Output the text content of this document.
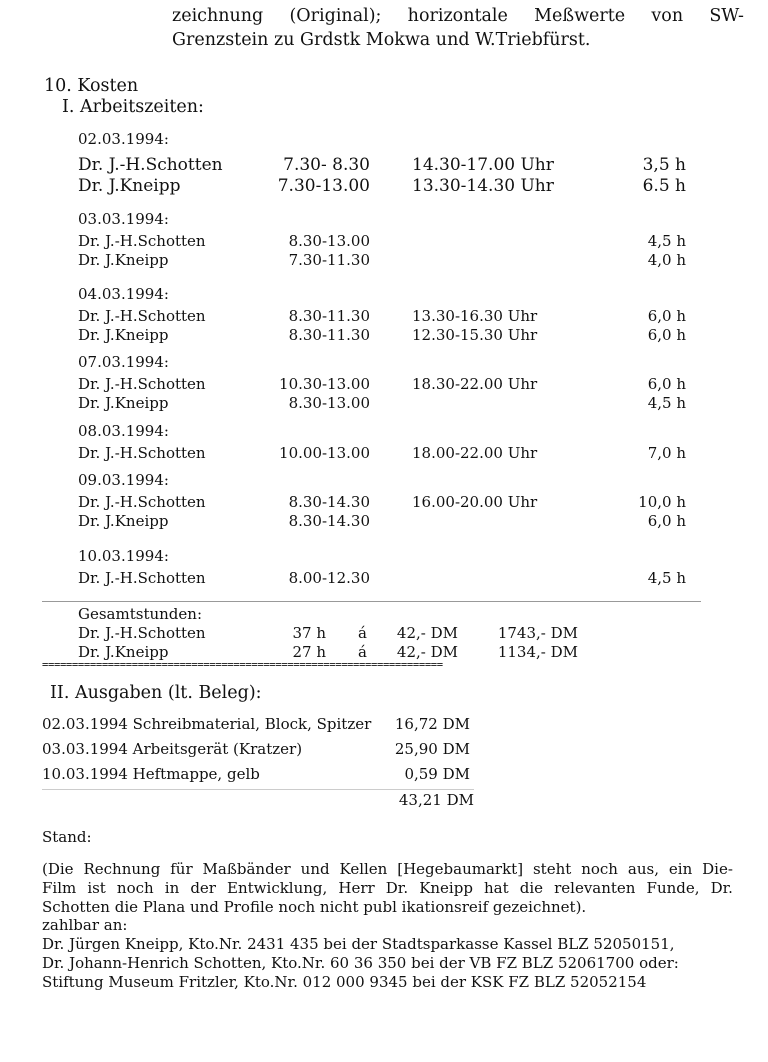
zeichnung (Original); horizontale Meßwerte von SW-
Grenzstein zu Grdstk Mokwa und W.Triebfürst.
10. Kosten
I. Arbeitszeiten:
02.03.1994:
Dr. J.-H.Schotten	7.30- 8.30 14.30-17.00 Uhr	3,5 h
Dr. J.Kneipp	7.30-13.00 13.30-14.30 Uhr	6.5 h
03.03.1994:
Dr. J.-H.Schotten	8.30-13.00	4,5 h
Dr. J.Kneipp	7.30-11.30	4,0 h
04.03.1994:
Dr. J.-H.Schotten	8.30-11.30	13.30-16.30 Uhr	6,0 h
Dr. J.Kneipp	8.30-11.30	12.30-15.30 Uhr	6,0 h
07.03.1994:
Dr. J.-H.Schotten	10.30-13.00	18.30-22.00 Uhr	6,0 h
Dr. J.Kneipp	8.30-13.00	4,5 h
08.03.1994:
Dr. J.-H.Schotten	10.00-13.00	18.00-22.00 Uhr	7,0 h
09.03.1994:
Dr. J.-H.Schotten	8.30-14.30	16.00-20.00 Uhr	10,0 h
Dr. J.Kneipp	8.30-14.30	6,0 h
10.03.1994:
Dr. J.-H.Schotten	8.00-12.30	4,5 h
Gesamtstunden:
Dr. J.-H.Schotten	37 h á 42,- DM	1743,- DM
Dr. J.Kneipp	27 h á 42,- DM	1134,- DM
===================================================================
II. Ausgaben (lt. Beleg):
02.03.1994 Schreibmaterial, Block, Spitzer 16,72 DM
03.03.1994 Arbeitsgerät (Kratzer)	25,90 DM
10.03.1994 Heftmappe, gelb	0,59 DM
43,21 DM
Stand:
(Die Rechnung für Maßbänder und Kellen [Hegebaumarkt] steht noch aus, ein Die-
Film ist noch in der Entwicklung, Herr Dr. Kneipp hat die relevanten Funde, Dr.
Schotten die Plana und Profile noch nicht publ ikationsreif gezeichnet).
zahlbar an:
Dr. Jürgen Kneipp, Kto.Nr. 2431 435 bei der Stadtsparkasse Kassel BLZ 52050151,
Dr. Johann-Henrich Schotten, Kto.Nr. 60 36 350 bei der VB FZ BLZ 52061700 oder:
Stiftung Museum Fritzler, Kto.Nr. 012 000 9345 bei der KSK FZ BLZ 52052154
